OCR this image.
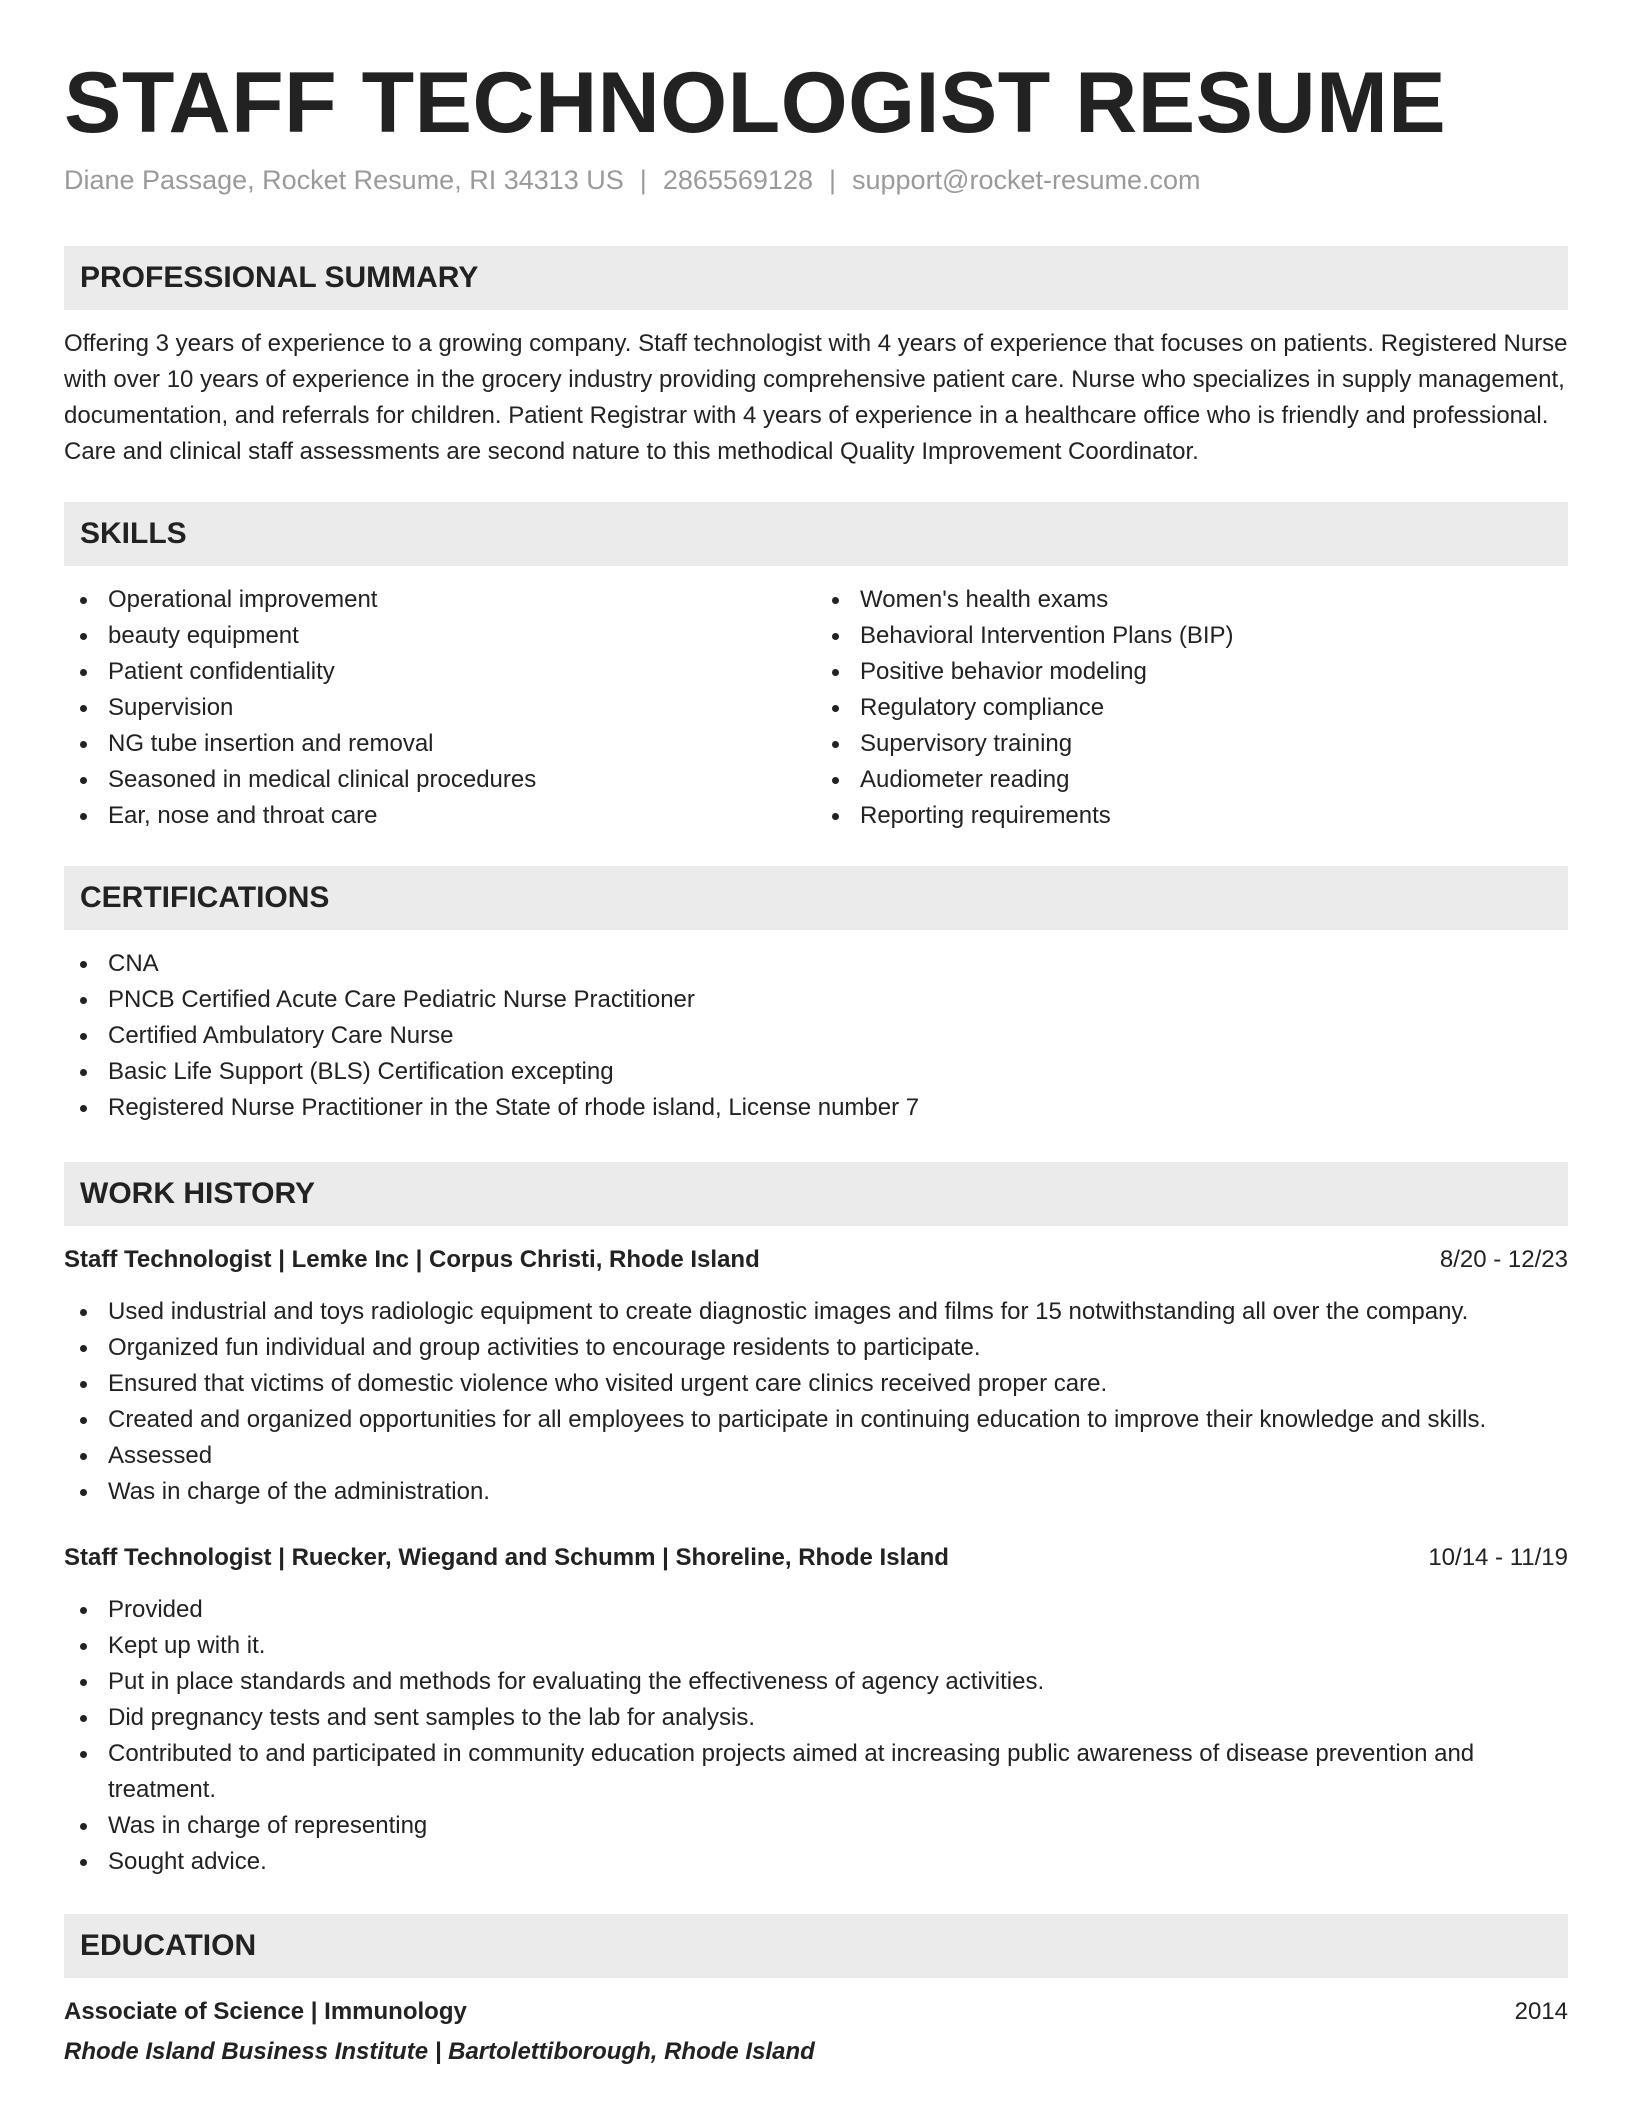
STAFF TECHNOLOGIST RESUME
Diane Passage, Rocket Resume, RI 34313 US | 2865569128 | support@rocket-resume.com
PROFESSIONAL SUMMARY

Offering 3 years of experience to a growing company. Staff technologist with 4 years of experience that focuses on patients. Registered Nurse with over 10 years of experience in the grocery industry providing comprehensive patient care. Nurse who specializes in supply management, documentation, and referrals for children. Patient Registrar with 4 years of experience in a healthcare office who is friendly and professional. Care and clinical staff assessments are second nature to this methodical Quality Improvement Coordinator.

SKILLS
Operational improvement
beauty equipment
Patient confidentiality
Supervision
NG tube insertion and removal
Seasoned in medical clinical procedures
Ear, nose and throat care
Women's health exams
Behavioral Intervention Plans (BIP)
Positive behavior modeling
Regulatory compliance
Supervisory training
Audiometer reading
Reporting requirements
CERTIFICATIONS
CNA
PNCB Certified Acute Care Pediatric Nurse Practitioner
Certified Ambulatory Care Nurse
Basic Life Support (BLS) Certification excepting
Registered Nurse Practitioner in the State of rhode island, License number 7
WORK HISTORY
Staff Technologist | Lemke Inc | Corpus Christi, Rhode Island	8/20 - 12/23
Used industrial and toys radiologic equipment to create diagnostic images and films for 15 notwithstanding all over the company.
Organized fun individual and group activities to encourage residents to participate.
Ensured that victims of domestic violence who visited urgent care clinics received proper care.
Created and organized opportunities for all employees to participate in continuing education to improve their knowledge and skills.
Assessed
Was in charge of the administration.
Staff Technologist | Ruecker, Wiegand and Schumm | Shoreline, Rhode Island	10/14 - 11/19
Provided
Kept up with it.
Put in place standards and methods for evaluating the effectiveness of agency activities.
Did pregnancy tests and sent samples to the lab for analysis.
Contributed to and participated in community education projects aimed at increasing public awareness of disease prevention and treatment.
Was in charge of representing
Sought advice.
EDUCATION
Associate of Science | Immunology	2014
Rhode Island Business Institute | Bartolettiborough, Rhode Island
